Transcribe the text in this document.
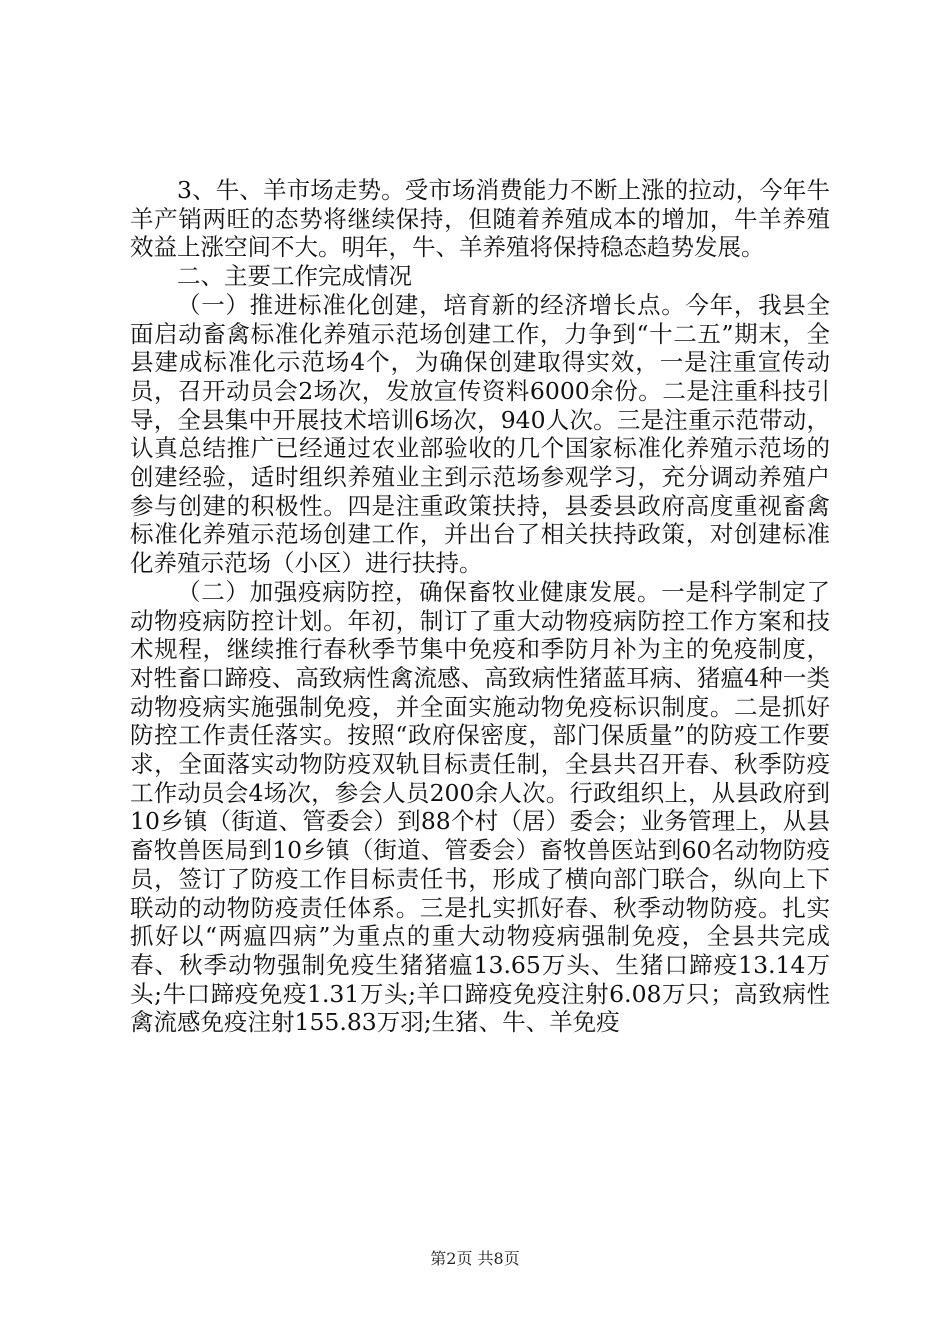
3、牛、羊市场走势。受市场消费能力不断上涨的拉动，今年牛羊产销两旺的态势将继续保持，但随着养殖成本的增加，牛羊养殖效益上涨空间不大。明年，牛、羊养殖将保持稳态趋势发展。

二、主要工作完成情况

（一）推进标准化创建，培育新的经济增长点。今年，我县全面启动畜禽标准化养殖示范场创建工作，力争到“十二五”期末，全县建成标准化示范场4个，为确保创建取得实效，一是注重宣传动员，召开动员会2场次，发放宣传资料6000余份。二是注重科技引导，全县集中开展技术培训6场次，940人次。三是注重示范带动，认真总结推广已经通过农业部验收的几个国家标准化养殖示范场的创建经验，适时组织养殖业主到示范场参观学习，充分调动养殖户参与创建的积极性。四是注重政策扶持，县委县政府高度重视畜禽标准化养殖示范场创建工作，并出台了相关扶持政策，对创建标准化养殖示范场（小区）进行扶持。

（二）加强疫病防控，确保畜牧业健康发展。一是科学制定了动物疫病防控计划。年初，制订了重大动物疫病防控工作方案和技术规程，继续推行春秋季节集中免疫和季防月补为主的免疫制度，对牲畜口蹄疫、高致病性禽流感、高致病性猪蓝耳病、猪瘟4种一类动物疫病实施强制免疫，并全面实施动物免疫标识制度。二是抓好防控工作责任落实。按照“政府保密度，部门保质量”的防疫工作要求，全面落实动物防疫双轨目标责任制，全县共召开春、秋季防疫工作动员会4场次，参会人员200余人次。行政组织上，从县政府到10乡镇（街道、管委会）到88个村（居）委会；业务管理上，从县畜牧兽医局到10乡镇（街道、管委会）畜牧兽医站到60名动物防疫员，签订了防疫工作目标责任书，形成了横向部门联合，纵向上下联动的动物防疫责任体系。三是扎实抓好春、秋季动物防疫。扎实抓好以“两瘟四病”为重点的重大动物疫病强制免疫，全县共完成春、秋季动物强制免疫生猪猪瘟13.65万头、生猪口蹄疫13.14万头;牛口蹄疫免疫1.31万头;羊口蹄疫免疫注射6.08万只；高致病性禽流感免疫注射155.83万羽;生猪、牛、羊免疫

第2页 共8页
